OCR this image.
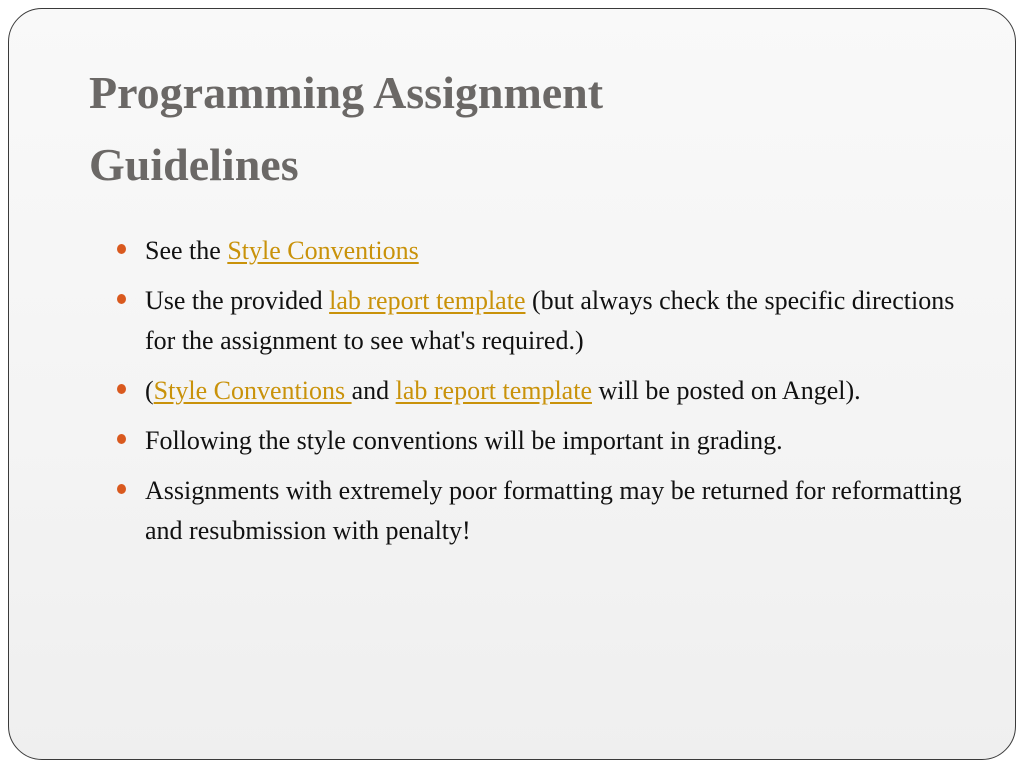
Programming Assignment
Guidelines
See the Style Conventions
Use the provided lab report template (but always check the specific directions for the assignment to see what's required.)
(Style Conventions and lab report template will be posted on Angel).
Following the style conventions will be important in grading.
Assignments with extremely poor formatting may be returned for reformatting and resubmission with penalty!
